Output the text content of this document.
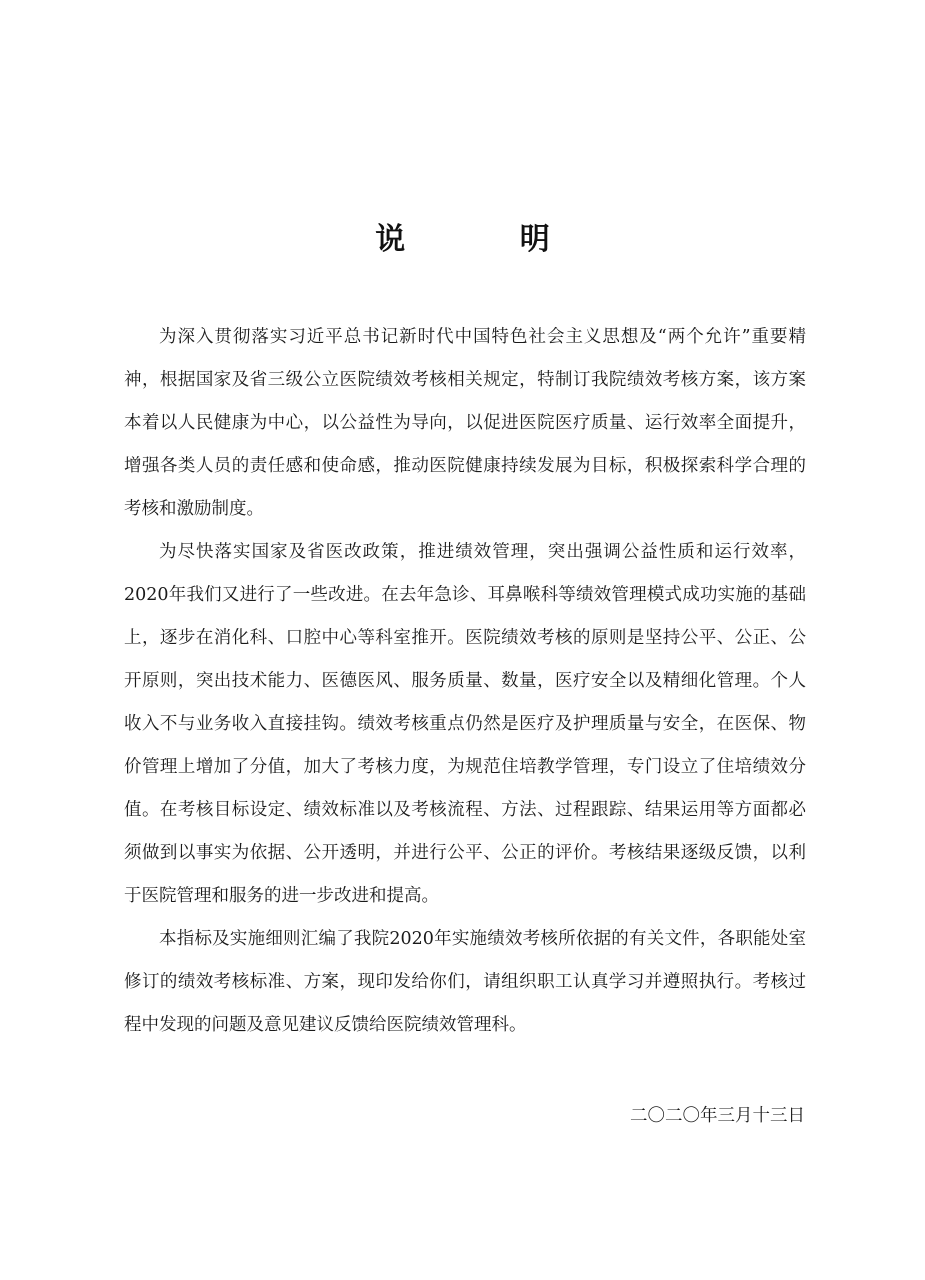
说 明

为深入贯彻落实习近平总书记新时代中国特色社会主义思想及“两个允许”重要精神，根据国家及省三级公立医院绩效考核相关规定，特制订我院绩效考核方案，该方案本着以人民健康为中心，以公益性为导向，以促进医院医疗质量、运行效率全面提升，增强各类人员的责任感和使命感，推动医院健康持续发展为目标，积极探索科学合理的考核和激励制度。

为尽快落实国家及省医改政策，推进绩效管理，突出强调公益性质和运行效率，2020年我们又进行了一些改进。在去年急诊、耳鼻喉科等绩效管理模式成功实施的基础上，逐步在消化科、口腔中心等科室推开。医院绩效考核的原则是坚持公平、公正、公开原则，突出技术能力、医德医风、服务质量、数量，医疗安全以及精细化管理。个人收入不与业务收入直接挂钩。绩效考核重点仍然是医疗及护理质量与安全，在医保、物价管理上增加了分值，加大了考核力度，为规范住培教学管理，专门设立了住培绩效分值。在考核目标设定、绩效标准以及考核流程、方法、过程跟踪、结果运用等方面都必须做到以事实为依据、公开透明，并进行公平、公正的评价。考核结果逐级反馈，以利于医院管理和服务的进一步改进和提高。

本指标及实施细则汇编了我院2020年实施绩效考核所依据的有关文件，各职能处室修订的绩效考核标准、方案，现印发给你们，请组织职工认真学习并遵照执行。考核过程中发现的问题及意见建议反馈给医院绩效管理科。

二〇二〇年三月十三日
